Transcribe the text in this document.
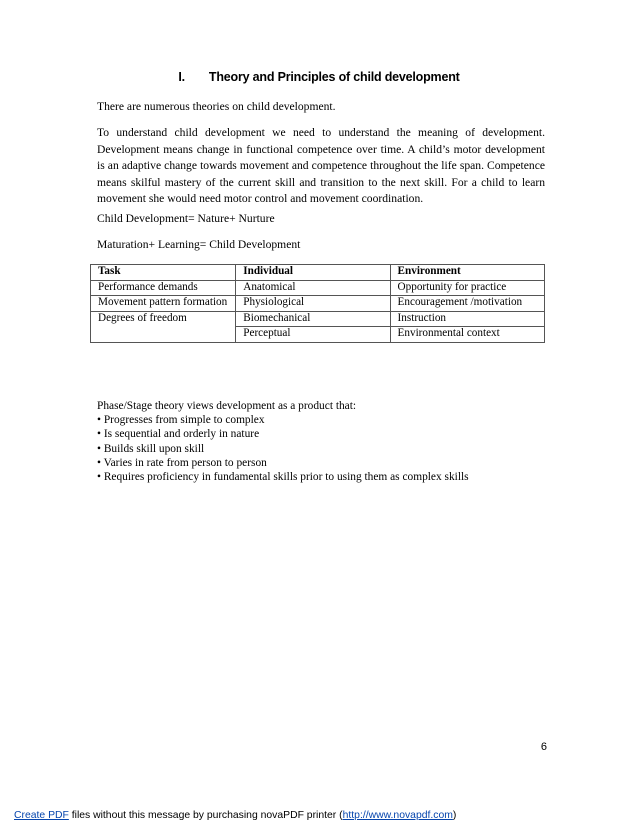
I. Theory and Principles of child development
There are numerous theories on child development.
To understand child development we need to understand the meaning of development. Development means change in functional competence over time. A child’s motor development is an adaptive change towards movement and competence throughout the life span. Competence means skilful mastery of the current skill and transition to the next skill. For a child to learn movement she would need motor control and movement coordination.
Child Development= Nature+ Nurture
Maturation+ Learning= Child Development
Task	Individual	Environment
Performance demands	Anatomical	Opportunity for practice
Movement pattern formation	Physiological	Encouragement /motivation
Degrees of freedom	Biomechanical	Instruction
	Perceptual	Environmental context
Phase/Stage theory views development as a product that:
• Progresses from simple to complex
• Is sequential and orderly in nature
• Builds skill upon skill
• Varies in rate from person to person
• Requires proficiency in fundamental skills prior to using them as complex skills
6
Create PDF files without this message by purchasing novaPDF printer (http://www.novapdf.com)
